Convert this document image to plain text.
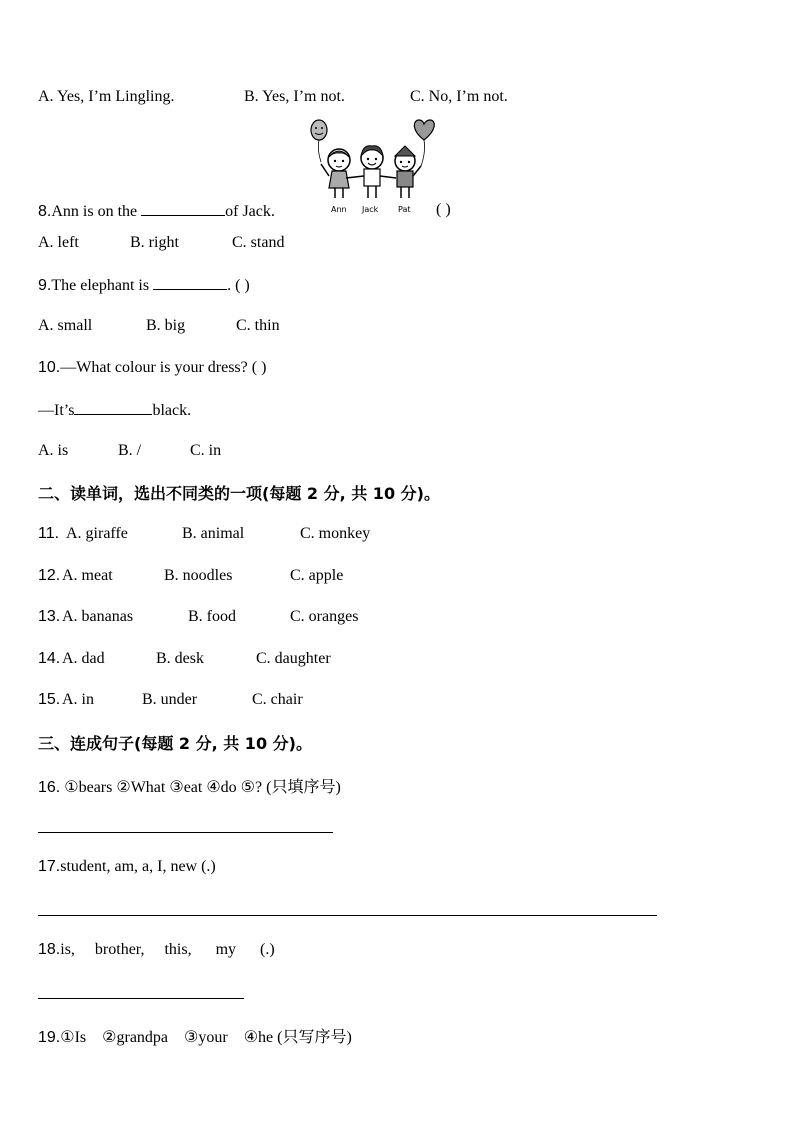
A. Yes, I’m Lingling.	B. Yes, I’m not.	C. No, I’m not.
Ann Jack Pat
8.Ann is on the	of Jack.	( )
A. left	B. right	C. stand
9.The elephant is	. ( )
A. small	B. big	C. thin
10.—What colour is your dress? ( )
—It’s	black.
A. is	B. /	C. in
二、读单词，选出不同类的一项(每题 2 分, 共 10 分)。
11. A. giraffe	B. animal	C. monkey
12. A. meat	B. noodles	C. apple
13. A. bananas	B. food	C. oranges
14. A. dad	B. desk	C. daughter
15. A. in	B. under	C. chair
三、连成句子(每题 2 分, 共 10 分)。
16. ①bears ②What ③eat ④do ⑤? (只填序号)
17.student, am, a, I, new (.)
18.is,     brother,     this,      my      (.)
19.①Is    ②grandpa    ③your    ④he (只写序号)
